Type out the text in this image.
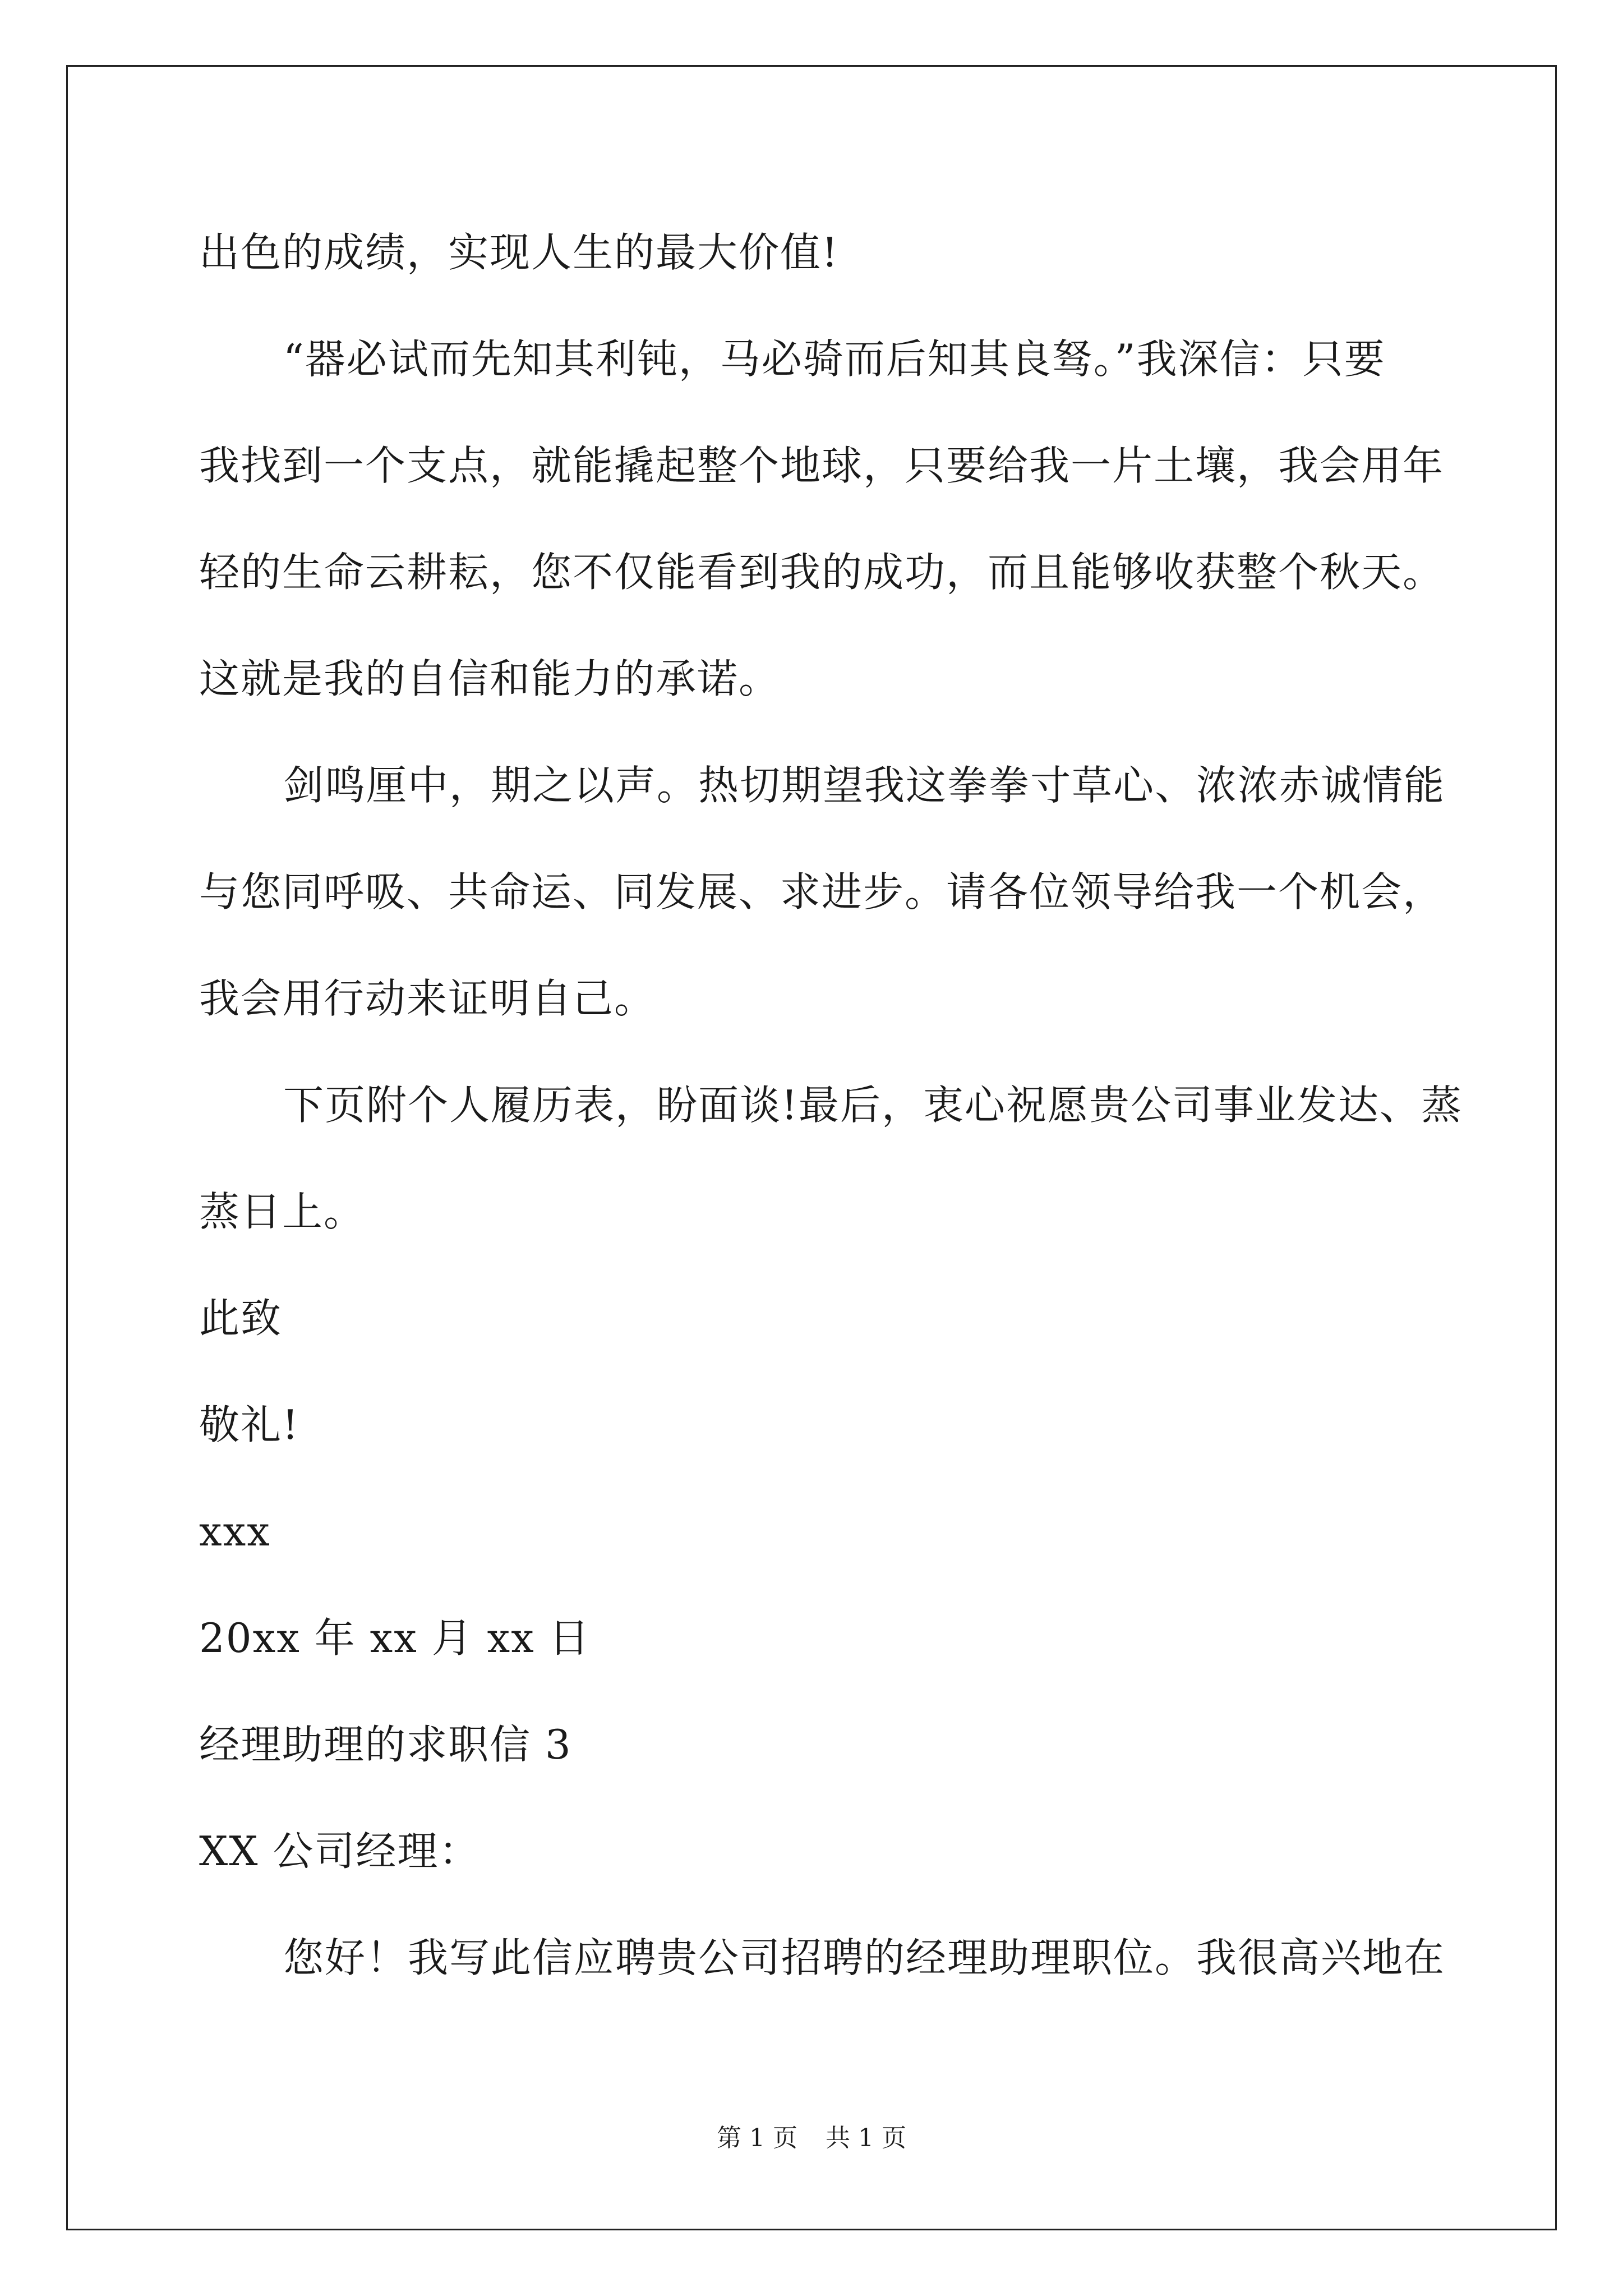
出色的成绩，实现人生的最大价值!
“器必试而先知其利钝，马必骑而后知其良驽。”我深信：只要
我找到一个支点，就能撬起整个地球，只要给我一片土壤，我会用年
轻的生命云耕耘，您不仅能看到我的成功，而且能够收获整个秋天。
这就是我的自信和能力的承诺。
剑鸣厘中，期之以声。热切期望我这拳拳寸草心、浓浓赤诚情能
与您同呼吸、共命运、同发展、求进步。请各位领导给我一个机会，
我会用行动来证明自己。
下页附个人履历表，盼面谈!最后，衷心祝愿贵公司事业发达、蒸
蒸日上。
此致
敬礼!
xxx
20xx 年 xx 月 xx 日
经理助理的求职信 3
XX 公司经理：
您好！我写此信应聘贵公司招聘的经理助理职位。我很高兴地在
第 1 页 共 1 页
